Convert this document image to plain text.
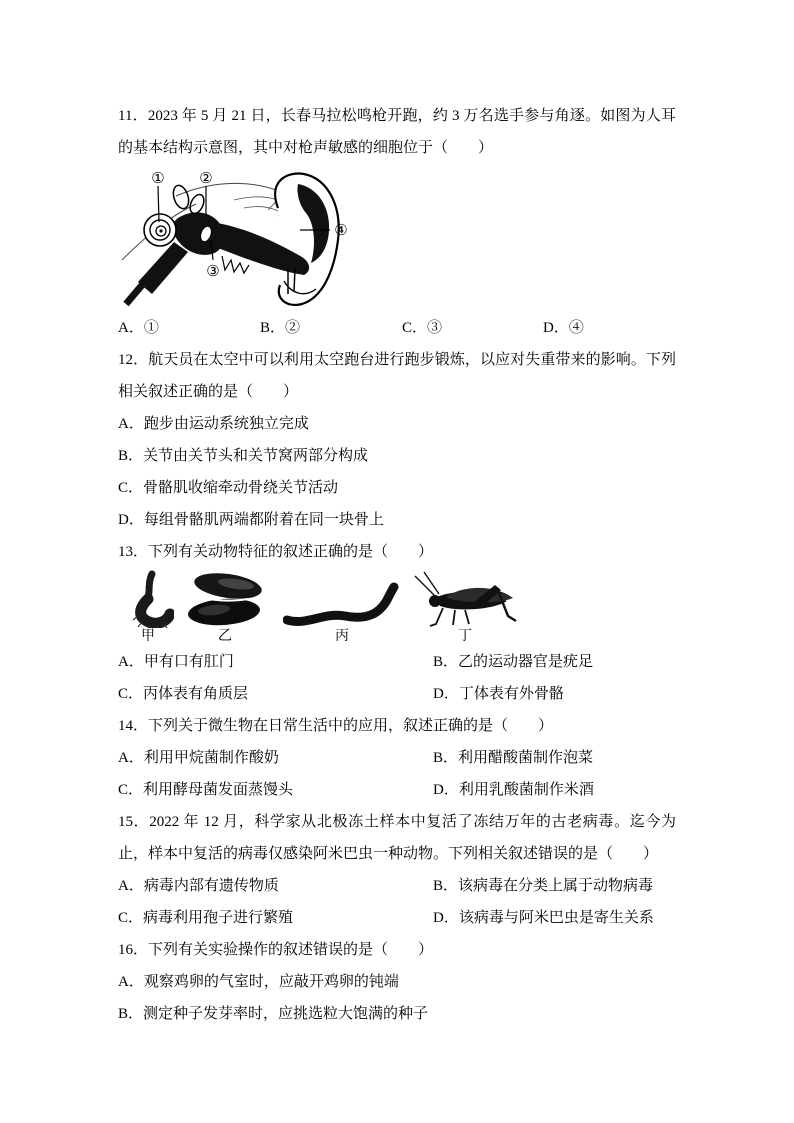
11．2023 年 5 月 21 日，长春马拉松鸣枪开跑，约 3 万名选手参与角逐。如图为人耳的基本结构示意图，其中对枪声敏感的细胞位于（　　）

① ②
③
④
A．①	B．②	C．③	D．④

12．航天员在太空中可以利用太空跑台进行跑步锻炼，以应对失重带来的影响。下列相关叙述正确的是（　　）

A．跑步由运动系统独立完成
B．关节由关节头和关节窝两部分构成
C．骨骼肌收缩牵动骨绕关节活动
D．每组骨骼肌两端都附着在同一块骨上

13．下列有关动物特征的叙述正确的是（　　）

甲	乙	丙	丁
A．甲有口有肛门	B．乙的运动器官是疣足
C．丙体表有角质层	D．丁体表有外骨骼

14．下列关于微生物在日常生活中的应用，叙述正确的是（　　）

A．利用甲烷菌制作酸奶	B．利用醋酸菌制作泡菜
C．利用酵母菌发面蒸馒头	D．利用乳酸菌制作米酒

15．2022 年 12 月，科学家从北极冻土样本中复活了冻结万年的古老病毒。迄今为止，样本中复活的病毒仅感染阿米巴虫一种动物。下列相关叙述错误的是（　　）

A．病毒内部有遗传物质	B．该病毒在分类上属于动物病毒
C．病毒利用孢子进行繁殖	D．该病毒与阿米巴虫是寄生关系

16．下列有关实验操作的叙述错误的是（　　）

A．观察鸡卵的气室时，应敲开鸡卵的钝端
B．测定种子发芽率时，应挑选粒大饱满的种子
